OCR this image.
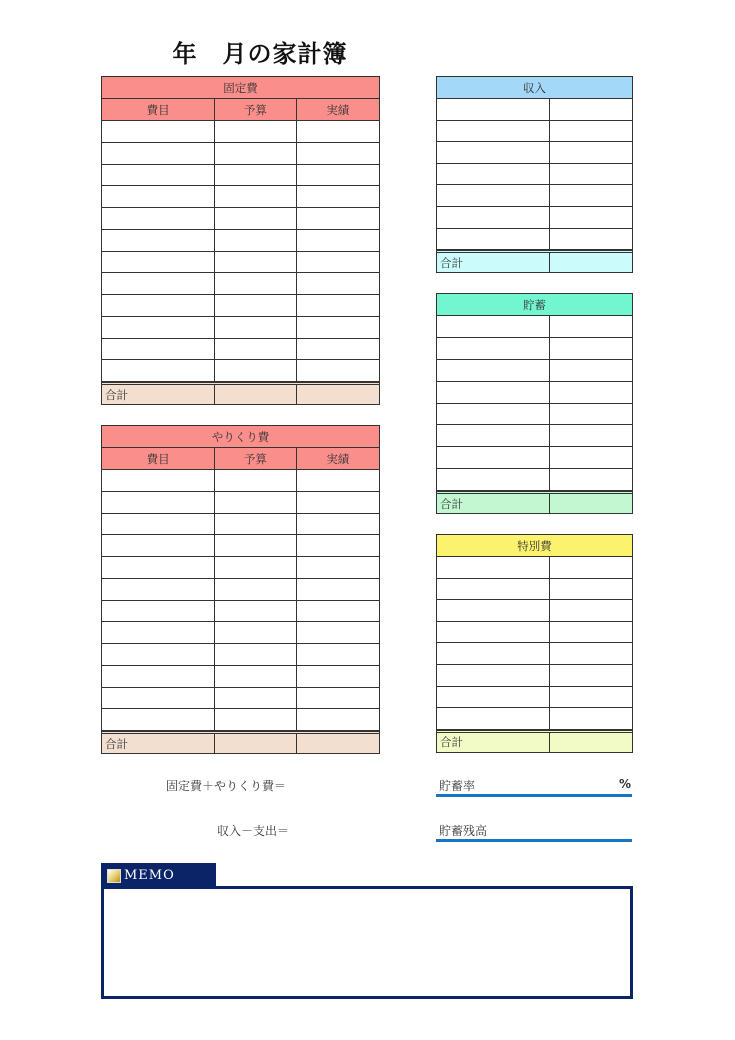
年　月の家計簿
固定費
費目	予算	実績
合計
やりくり費
費目	予算	実績
合計
収入
合計
貯蓄
合計
特別費
合計
固定費＋やりくり費＝
収入－支出＝
貯蓄率	%
貯蓄残高
MEMO
